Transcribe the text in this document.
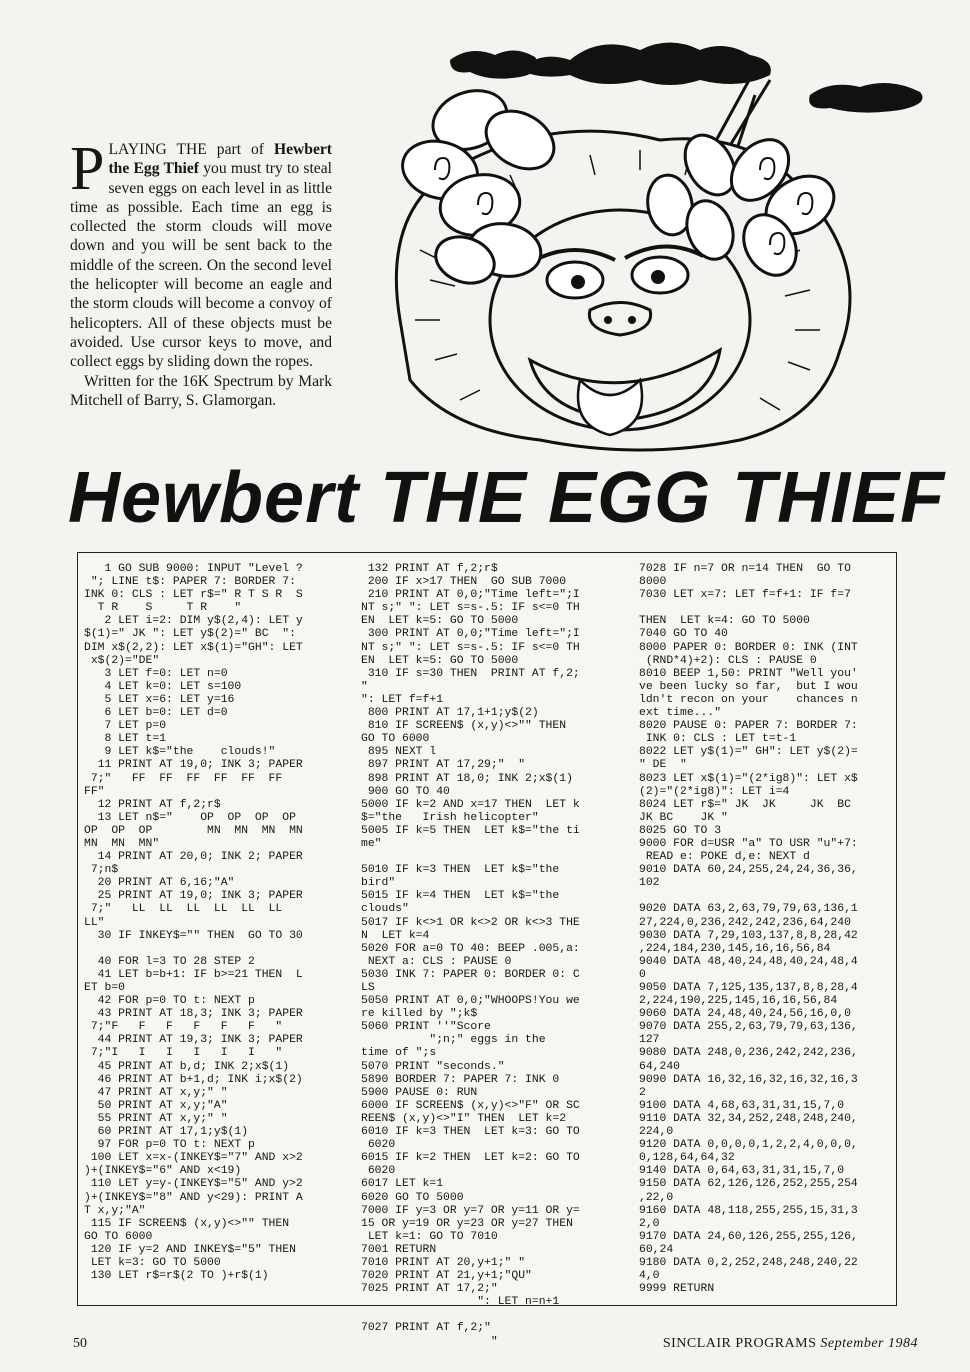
PLAYING THE part of Hewbert the Egg Thief you must try to steal seven eggs on each level in as little time as possible. Each time an egg is collected the storm clouds will move down and you will be sent back to the middle of the screen. On the second level the helicopter will become an eagle and the storm clouds will become a convoy of helicopters. All of these objects must be avoided. Use cursor keys to move, and collect eggs by sliding down the ropes.

Written for the 16K Spectrum by Mark Mitchell of Barry, S. Glamorgan.

Hewbert THE EGG THIEF
1 GO SUB 9000: INPUT "Level ?
"; LINE t$: PAPER 7: BORDER 7:
INK 0: CLS : LET r$=" R T S R  S
T R    S     T R    "
2 LET i=2: DIM y$(2,4): LET y
$(1)=" JK ": LET y$(2)=" BC  ":
DIM x$(2,2): LET x$(1)="GH": LET
x$(2)="DE"
3 LET f=0: LET n=0
4 LET k=0: LET s=100
5 LET x=6: LET y=16
6 LET b=0: LET d=0
7 LET p=0
8 LET t=1
9 LET k$="the    clouds!"
11 PRINT AT 19,0; INK 3; PAPER
7;"   FF  FF  FF  FF  FF  FF
FF"
12 PRINT AT f,2;r$
13 LET n$="    OP  OP  OP  OP
OP  OP  OP        MN  MN  MN  MN
MN  MN  MN"
14 PRINT AT 20,0; INK 2; PAPER
7;n$
20 PRINT AT 6,16;"A"
25 PRINT AT 19,0; INK 3; PAPER
7;"   LL  LL  LL  LL  LL  LL
LL"
30 IF INKEY$="" THEN  GO TO 30

40 FOR l=3 TO 28 STEP 2
41 LET b=b+1: IF b>=21 THEN  L
ET b=0
42 FOR p=0 TO t: NEXT p
43 PRINT AT 18,3; INK 3; PAPER
7;"F   F   F   F   F   F   "
44 PRINT AT 19,3; INK 3; PAPER
7;"I   I   I   I   I   I   "
45 PRINT AT b,d; INK 2;x$(1)
46 PRINT AT b+1,d; INK i;x$(2)
47 PRINT AT x,y;" "
50 PRINT AT x,y;"A"
55 PRINT AT x,y;" "
60 PRINT AT 17,1;y$(1)
97 FOR p=0 TO t: NEXT p
100 LET x=x-(INKEY$="7" AND x>2
)+(INKEY$="6" AND x<19)
110 LET y=y-(INKEY$="5" AND y>2
)+(INKEY$="8" AND y<29): PRINT A
T x,y;"A"
115 IF SCREEN$ (x,y)<>"" THEN
GO TO 6000
120 IF y=2 AND INKEY$="5" THEN
LET k=3: GO TO 5000
130 LET r$=r$(2 TO )+r$(1)
132 PRINT AT f,2;r$
200 IF x>17 THEN  GO SUB 7000
210 PRINT AT 0,0;"Time left=";I
NT s;" ": LET s=s-.5: IF s<=0 TH
EN  LET k=5: GO TO 5000
300 PRINT AT 0,0;"Time left=";I
NT s;" ": LET s=s-.5: IF s<=0 TH
EN  LET k=5: GO TO 5000
310 IF s=30 THEN  PRINT AT f,2;
"
": LET f=f+1
800 PRINT AT 17,1+1;y$(2)
810 IF SCREEN$ (x,y)<>"" THEN
GO TO 6000
895 NEXT l
897 PRINT AT 17,29;"  "
898 PRINT AT 18,0; INK 2;x$(1)
900 GO TO 40
5000 IF k=2 AND x=17 THEN  LET k
$="the   Irish helicopter"
5005 IF k=5 THEN  LET k$="the ti
me"

5010 IF k=3 THEN  LET k$="the
bird"
5015 IF k=4 THEN  LET k$="the
clouds"
5017 IF k<>1 OR k<>2 OR k<>3 THE
N  LET k=4
5020 FOR a=0 TO 40: BEEP .005,a:
NEXT a: CLS : PAUSE 0
5030 INK 7: PAPER 0: BORDER 0: C
LS
5050 PRINT AT 0,0;"WHOOPS!You we
re killed by ";k$
5060 PRINT ''"Score
";n;" eggs in the
time of ";s
5070 PRINT "seconds."
5890 BORDER 7: PAPER 7: INK 0
5900 PAUSE 0: RUN
6000 IF SCREEN$ (x,y)<>"F" OR SC
REEN$ (x,y)<>"I" THEN  LET k=2
6010 IF k=3 THEN  LET k=3: GO TO
6020
6015 IF k=2 THEN  LET k=2: GO TO
6020
6017 LET k=1
6020 GO TO 5000
7000 IF y=3 OR y=7 OR y=11 OR y=
15 OR y=19 OR y=23 OR y=27 THEN
LET k=1: GO TO 7010
7001 RETURN
7010 PRINT AT 20,y+1;" "
7020 PRINT AT 21,y+1;"QU"
7025 PRINT AT 17,2;"
": LET n=n+1

7027 PRINT AT f,2;"
"
7028 IF n=7 OR n=14 THEN  GO TO
8000
7030 LET x=7: LET f=f+1: IF f=7

THEN  LET k=4: GO TO 5000
7040 GO TO 40
8000 PAPER 0: BORDER 0: INK (INT
(RND*4)+2): CLS : PAUSE 0
8010 BEEP 1,50: PRINT "Well you'
ve been lucky so far,  but I wou
ldn't recon on your    chances n
ext time..."
8020 PAUSE 0: PAPER 7: BORDER 7:
INK 0: CLS : LET t=t-1
8022 LET y$(1)=" GH": LET y$(2)=
" DE  "
8023 LET x$(1)="(2*ig8)": LET x$
(2)="(2*ig8)": LET i=4
8024 LET r$=" JK  JK     JK  BC
JK BC    JK "
8025 GO TO 3
9000 FOR d=USR "a" TO USR "u"+7:
READ e: POKE d,e: NEXT d
9010 DATA 60,24,255,24,24,36,36,
102

9020 DATA 63,2,63,79,79,63,136,1
27,224,0,236,242,242,236,64,240
9030 DATA 7,29,103,137,8,8,28,42
,224,184,230,145,16,16,56,84
9040 DATA 48,40,24,48,40,24,48,4
0
9050 DATA 7,125,135,137,8,8,28,4
2,224,190,225,145,16,16,56,84
9060 DATA 24,48,40,24,56,16,0,0
9070 DATA 255,2,63,79,79,63,136,
127
9080 DATA 248,0,236,242,242,236,
64,240
9090 DATA 16,32,16,32,16,32,16,3
2
9100 DATA 4,68,63,31,31,15,7,0
9110 DATA 32,34,252,248,248,240,
224,0
9120 DATA 0,0,0,0,1,2,2,4,0,0,0,
0,128,64,64,32
9140 DATA 0,64,63,31,31,15,7,0
9150 DATA 62,126,126,252,255,254
,22,0
9160 DATA 48,118,255,255,15,31,3
2,0
9170 DATA 24,60,126,255,255,126,
60,24
9180 DATA 0,2,252,248,248,240,22
4,0
9999 RETURN
50	SINCLAIR PROGRAMS September 1984
